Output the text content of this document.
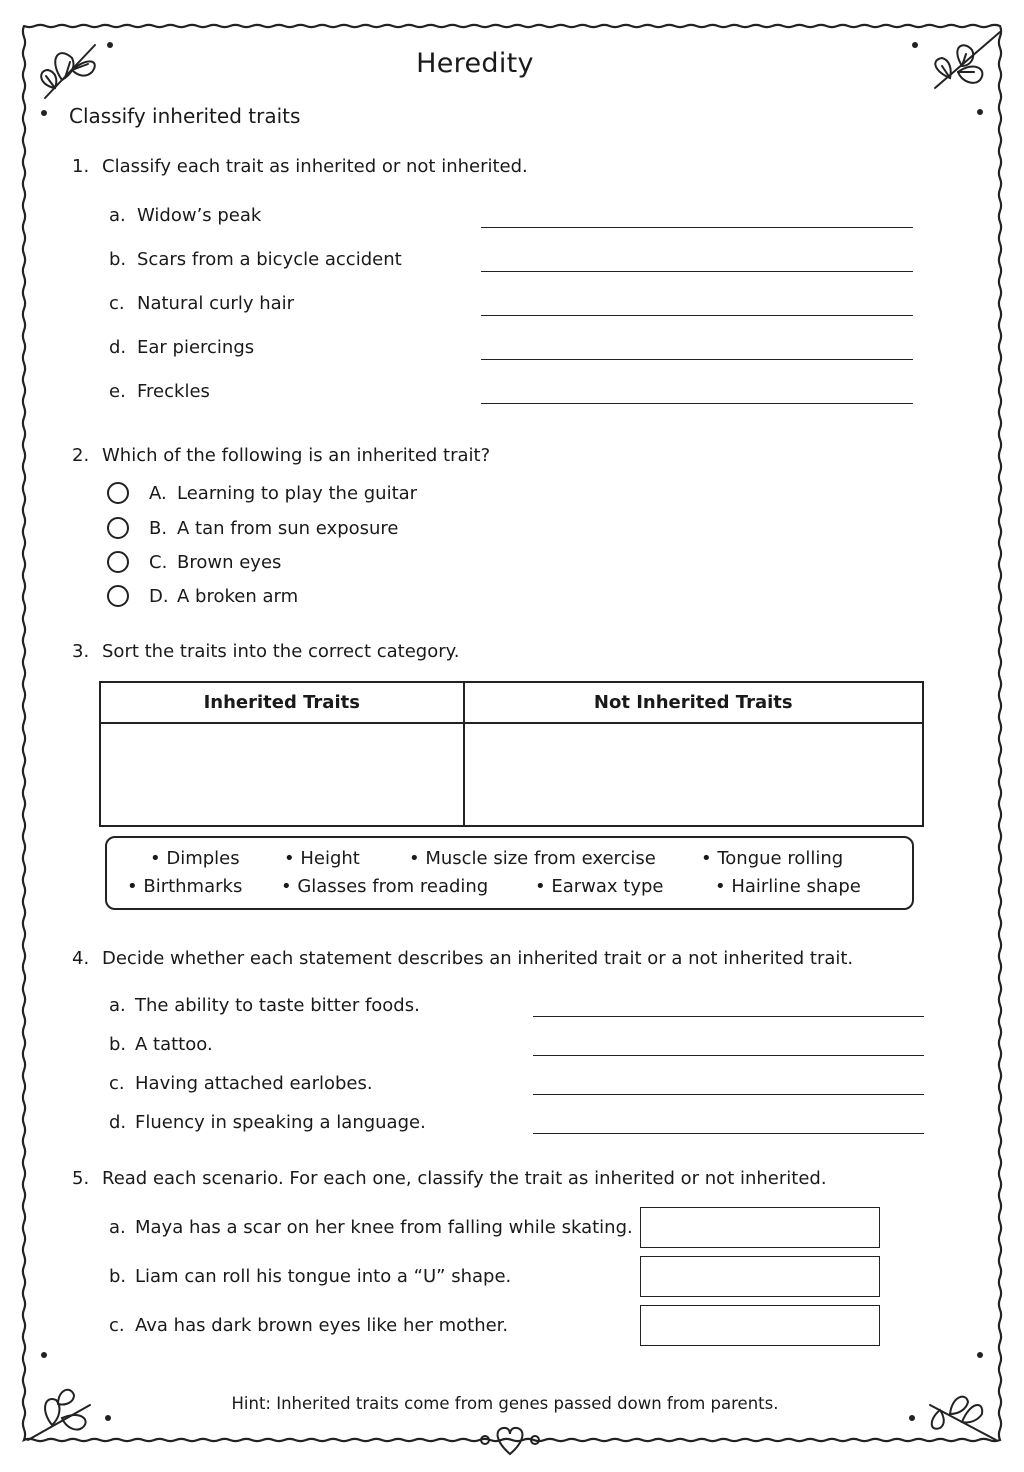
Heredity
Classify inherited traits
1. Classify each trait as inherited or not inherited.
a. Widow’s peak
b. Scars from a bicycle accident
c. Natural curly hair
d. Ear piercings
e. Freckles
2. Which of the following is an inherited trait?
A. Learning to play the guitar
B. A tan from sun exposure
C. Brown eyes
D. A broken arm
3. Sort the traits into the correct category.
Inherited Traits	Not Inherited Traits

• Dimples • Height	• Muscle size from exercise	• Tongue rolling
• Birthmarks • Glasses from reading	• Earwax type	• Hairline shape
4. Decide whether each statement describes an inherited trait or a not inherited trait.
a. The ability to taste bitter foods.
b. A tattoo.
c. Having attached earlobes.
d. Fluency in speaking a language.
5. Read each scenario. For each one, classify the trait as inherited or not inherited.
a. Maya has a scar on her knee from falling while skating.
b. Liam can roll his tongue into a “U” shape.
c. Ava has dark brown eyes like her mother.
Hint: Inherited traits come from genes passed down from parents.
